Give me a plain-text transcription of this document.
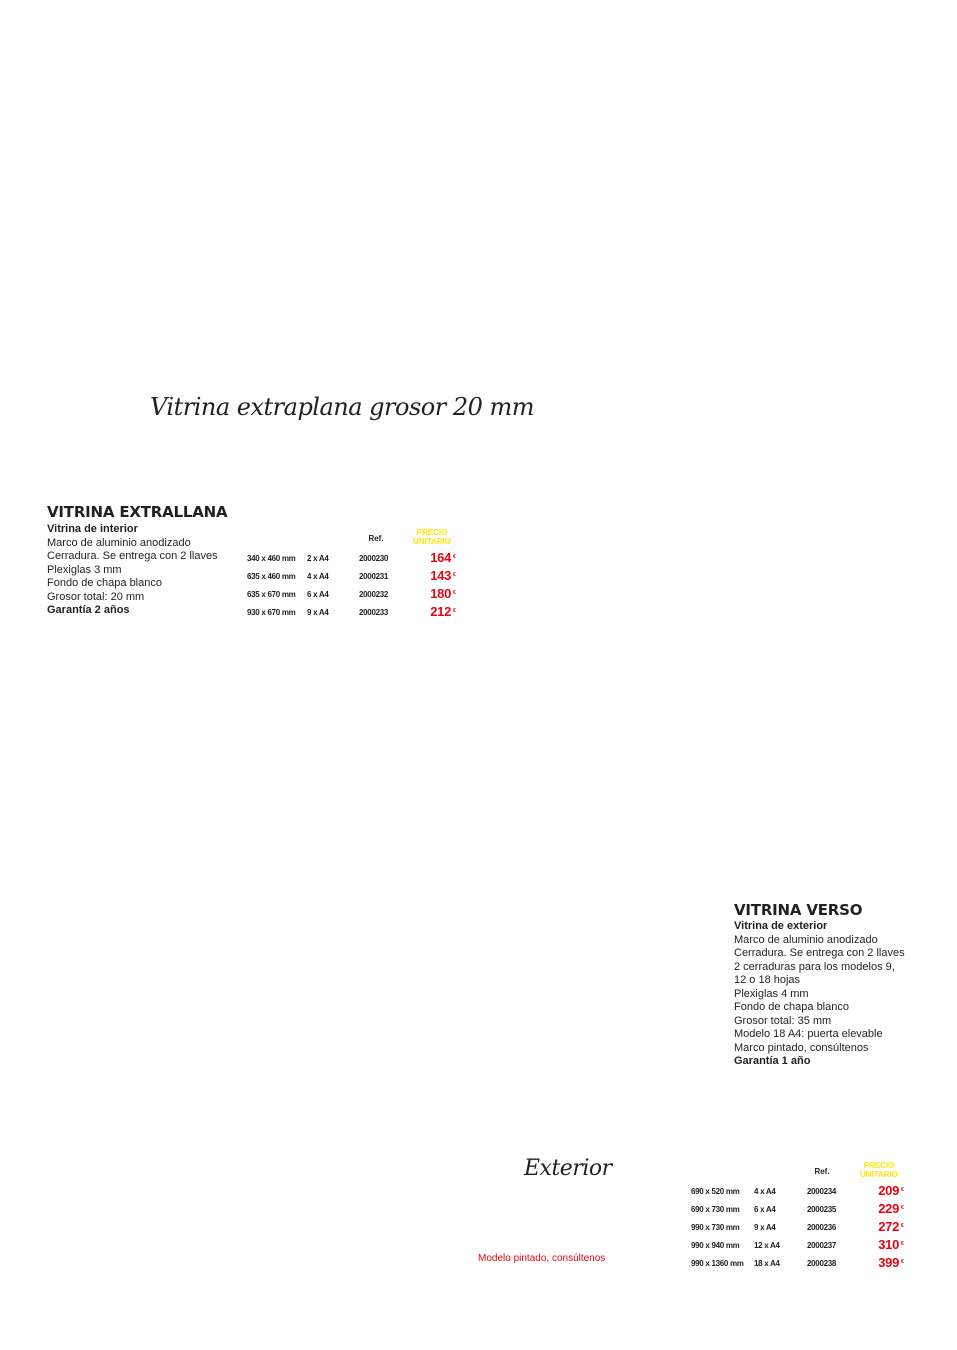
Vitrina extraplana grosor 20 mm
VITRINA EXTRALLANA
Vitrina de interior
Marco de aluminio anodizado
Cerradura. Se entrega con 2 llaves
Plexiglas 3 mm
Fondo de chapa blanco
Grosor total: 20 mm
Garantía 2 años
Ref.
PRECIO
UNITARIO
340 x 460 mm 2 x A4	2000230	164 €
635 x 460 mm 4 x A4	2000231	143 €
635 x 670 mm 6 x A4	2000232	180 €
930 x 670 mm 9 x A4	2000233	212 €
VITRINA VERSO
Vitrina de exterior
Marco de aluminio anodizado
Cerradura. Se entrega con 2 llaves
2 cerraduras para los modelos 9,
12 o 18 hojas
Plexiglas 4 mm
Fondo de chapa blanco
Grosor total: 35 mm
Modelo 18 A4: puerta elevable
Marco pintado, consúltenos
Garantía 1 año
Exterior
Modelo pintado, consúltenos
Ref.
PRECIO
UNITARIO
690 x 520 mm 4 x A4	2000234	209 €
690 x 730 mm 6 x A4	2000235	229 €
990 x 730 mm 9 x A4	2000236	272 €
990 x 940 mm 12 x A4	2000237	310 €
990 x 1360 mm 18 x A4	2000238	399 €
